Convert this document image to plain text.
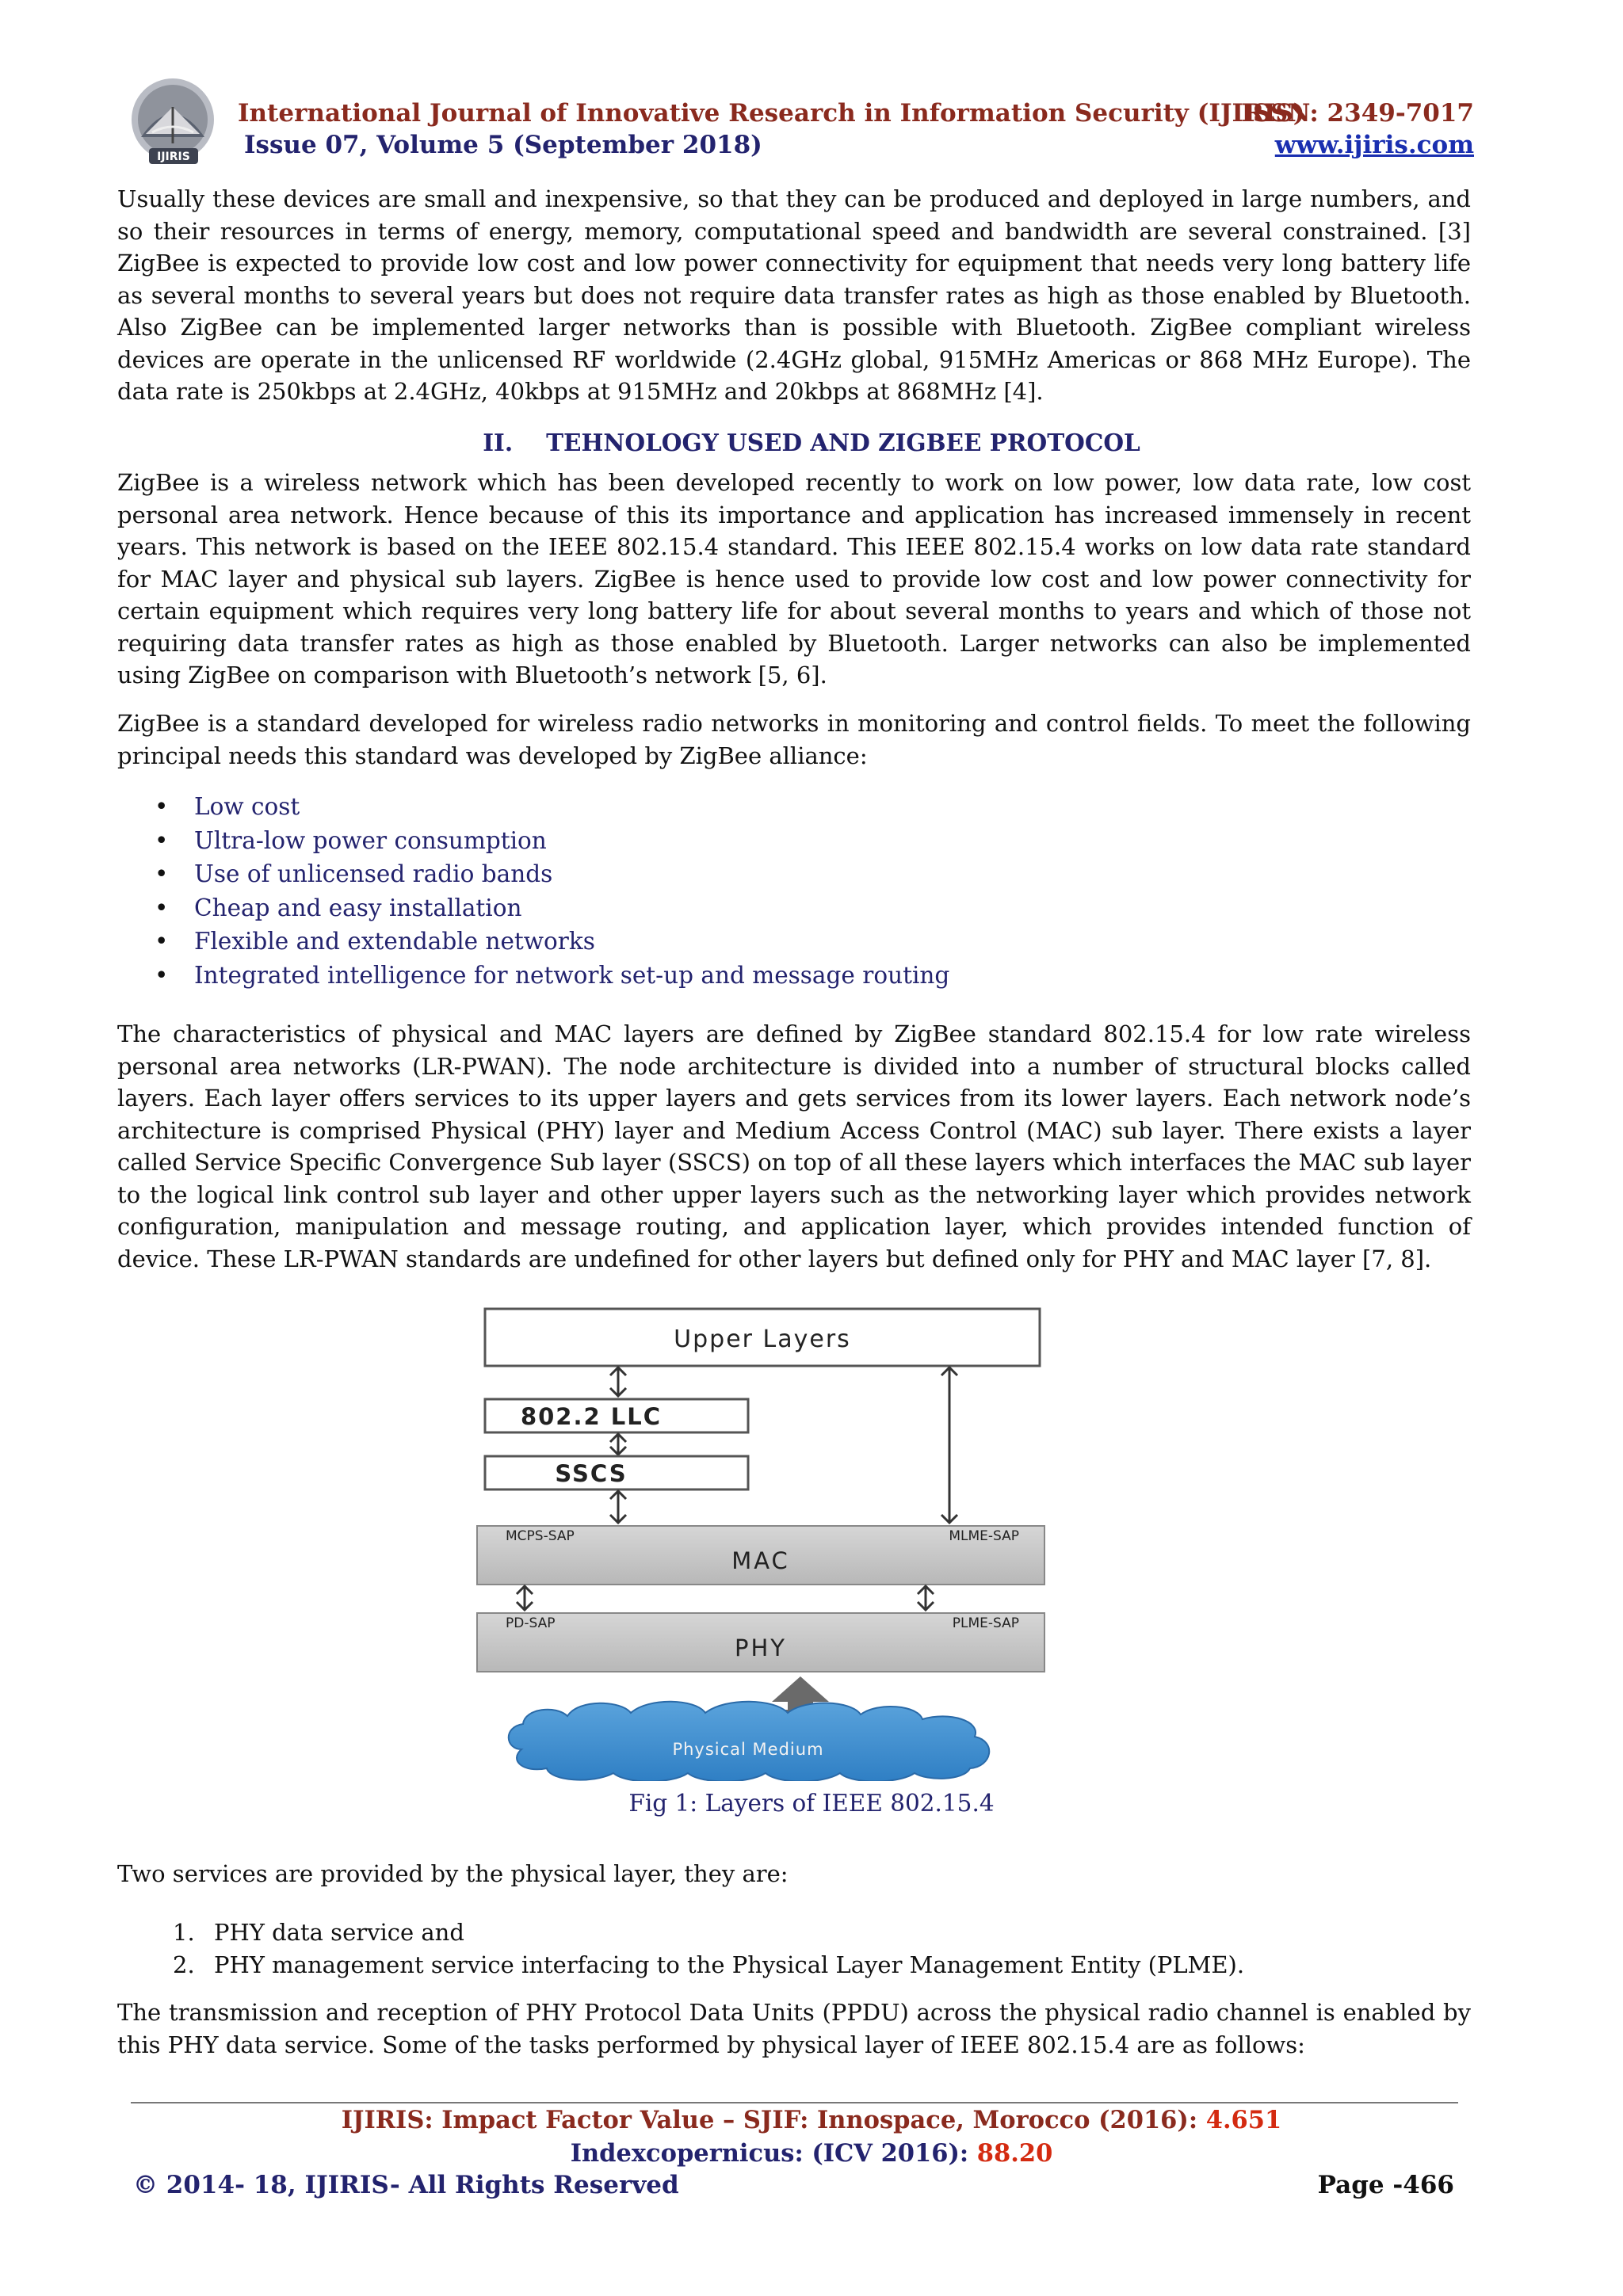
IJIRIS
International Journal of Innovative Research in Information Security (IJIRIS)
ISSN: 2349-7017
Issue 07, Volume 5 (September 2018)	www.ijiris.com

Usually these devices are small and inexpensive, so that they can be produced and deployed in large numbers, and so their resources in terms of energy, memory, computational speed and bandwidth are several constrained. [3] ZigBee is expected to provide low cost and low power connectivity for equipment that needs very long battery life as several months to several years but does not require data transfer rates as high as those enabled by Bluetooth. Also ZigBee can be implemented larger networks than is possible with Bluetooth. ZigBee compliant wireless devices are operate in the unlicensed RF worldwide (2.4GHz global, 915MHz Americas or 868 MHz Europe). The data rate is 250kbps at 2.4GHz, 40kbps at 915MHz and 20kbps at 868MHz [4].

II. TEHNOLOGY USED AND ZIGBEE PROTOCOL

ZigBee is a wireless network which has been developed recently to work on low power, low data rate, low cost personal area network. Hence because of this its importance and application has increased immensely in recent years. This network is based on the IEEE 802.15.4 standard. This IEEE 802.15.4 works on low data rate standard for MAC layer and physical sub layers. ZigBee is hence used to provide low cost and low power connectivity for certain equipment which requires very long battery life for about several months to years and which of those not requiring data transfer rates as high as those enabled by Bluetooth. Larger networks can also be implemented using ZigBee on comparison with Bluetooth’s network [5, 6].

ZigBee is a standard developed for wireless radio networks in monitoring and control fields. To meet the following principal needs this standard was developed by ZigBee alliance:

• Low cost
• Ultra-low power consumption
• Use of unlicensed radio bands
• Cheap and easy installation
• Flexible and extendable networks
• Integrated intelligence for network set-up and message routing

The characteristics of physical and MAC layers are defined by ZigBee standard 802.15.4 for low rate wireless personal area networks (LR-PWAN). The node architecture is divided into a number of structural blocks called layers. Each layer offers services to its upper layers and gets services from its lower layers. Each network node’s architecture is comprised Physical (PHY) layer and Medium Access Control (MAC) sub layer. There exists a layer called Service Specific Convergence Sub layer (SSCS) on top of all these layers which interfaces the MAC sub layer to the logical link control sub layer and other upper layers such as the networking layer which provides network configuration, manipulation and message routing, and application layer, which provides intended function of device. These LR-PWAN standards are undefined for other layers but defined only for PHY and MAC layer [7, 8].

Upper Layers
802.2 LLC
SSCS
MCPS-SAP	MLME-SAP
MAC
PD-SAP	PLME-SAP
PHY
Physical Medium

Fig 1: Layers of IEEE 802.15.4

Two services are provided by the physical layer, they are:

1. PHY data service and
2. PHY management service interfacing to the Physical Layer Management Entity (PLME).

The transmission and reception of PHY Protocol Data Units (PPDU) across the physical radio channel is enabled by this PHY data service. Some of the tasks performed by physical layer of IEEE 802.15.4 are as follows:

IJIRIS: Impact Factor Value – SJIF: Innospace, Morocco (2016): 4.651
Indexcopernicus: (ICV 2016): 88.20
© 2014- 18, IJIRIS- All Rights Reserved	Page -466
